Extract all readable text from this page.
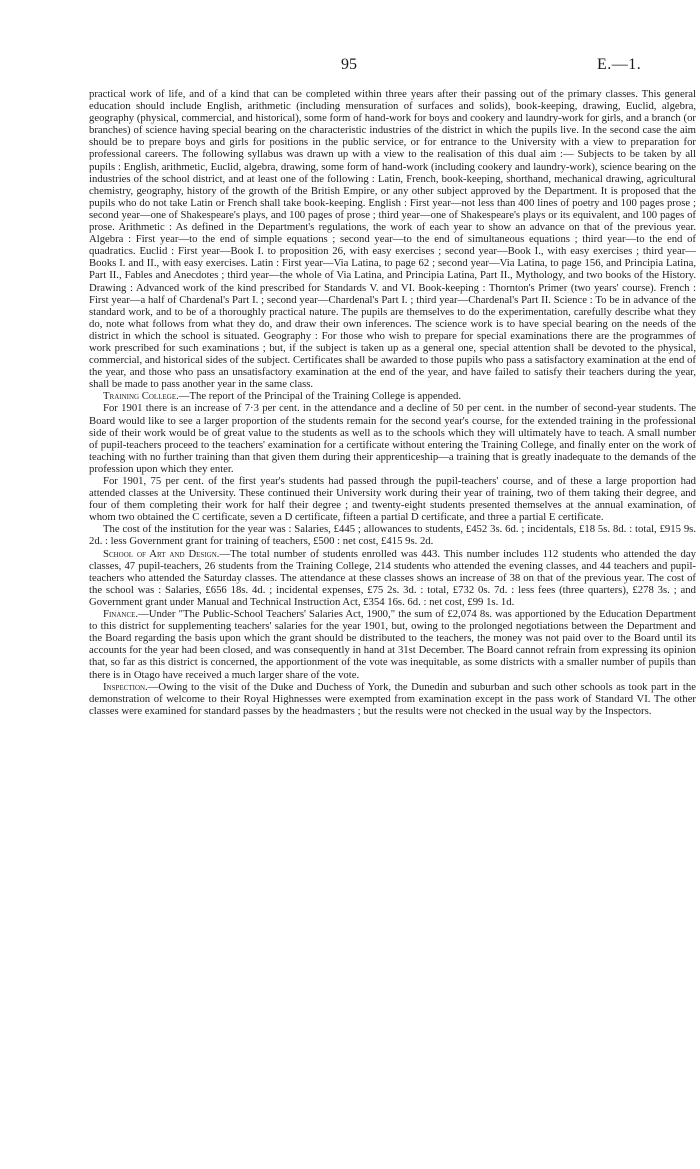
95	E.—1.

practical work of life, and of a kind that can be completed within three years after their passing out of the primary classes. This general education should include English, arithmetic (including mensuration of surfaces and solids), book-keeping, drawing, Euclid, algebra, geography (physical, commercial, and historical), some form of hand-work for boys and cookery and laundry-work for girls, and a branch (or branches) of science having special bearing on the characteristic industries of the district in which the pupils live. In the second case the aim should be to prepare boys and girls for positions in the public service, or for entrance to the University with a view to preparation for professional careers. The following syllabus was drawn up with a view to the realisation of this dual aim :— Subjects to be taken by all pupils : English, arithmetic, Euclid, algebra, drawing, some form of hand-work (including cookery and laundry-work), science bearing on the industries of the school district, and at least one of the following : Latin, French, book-keeping, shorthand, mechanical drawing, agricultural chemistry, geography, history of the growth of the British Empire, or any other subject approved by the Department. It is proposed that the pupils who do not take Latin or French shall take book-keeping. English : First year—not less than 400 lines of poetry and 100 pages prose ; second year—one of Shakespeare's plays, and 100 pages of prose ; third year—one of Shakespeare's plays or its equivalent, and 100 pages of prose. Arithmetic : As defined in the Department's regulations, the work of each year to show an advance on that of the previous year. Algebra : First year—to the end of simple equations ; second year—to the end of simultaneous equations ; third year—to the end of quadratics. Euclid : First year—Book I. to proposition 26, with easy exercises ; second year—Book I., with easy exercises ; third year—Books I. and II., with easy exercises. Latin : First year—Via Latina, to page 62 ; second year—Via Latina, to page 156, and Principia Latina, Part II., Fables and Anecdotes ; third year—the whole of Via Latina, and Principia Latina, Part II., Mythology, and two books of the History. Drawing : Advanced work of the kind prescribed for Standards V. and VI. Book-keeping : Thornton's Primer (two years' course). French : First year—a half of Chardenal's Part I. ; second year—Chardenal's Part I. ; third year—Chardenal's Part II. Science : To be in advance of the standard work, and to be of a thoroughly practical nature. The pupils are themselves to do the experimentation, carefully describe what they do, note what follows from what they do, and draw their own inferences. The science work is to have special bearing on the needs of the district in which the school is situated. Geography : For those who wish to prepare for special examinations there are the programmes of work prescribed for such examinations ; but, if the subject is taken up as a general one, special attention shall be devoted to the physical, commercial, and historical sides of the subject. Certificates shall be awarded to those pupils who pass a satisfactory examination at the end of the year, and those who pass an unsatisfactory examination at the end of the year, and have failed to satisfy their teachers during the year, shall be made to pass another year in the same class.

Training College.—The report of the Principal of the Training College is appended.

For 1901 there is an increase of 7·3 per cent. in the attendance and a decline of 50 per cent. in the number of second-year students. The Board would like to see a larger proportion of the students remain for the second year's course, for the extended training in the professional side of their work would be of great value to the students as well as to the schools which they will ultimately have to teach. A small number of pupil-teachers proceed to the teachers' examination for a certificate without entering the Training College, and finally enter on the work of teaching with no further training than that given them during their apprenticeship—a training that is greatly inadequate to the demands of the profession upon which they enter.

For 1901, 75 per cent. of the first year's students had passed through the pupil-teachers' course, and of these a large proportion had attended classes at the University. These continued their University work during their year of training, two of them taking their degree, and four of them completing their work for half their degree ; and twenty-eight students presented themselves at the annual examination, of whom two obtained the C certificate, seven a D certificate, fifteen a partial D certificate, and three a partial E certificate.

The cost of the institution for the year was : Salaries, £445 ; allowances to students, £452 3s. 6d. ; incidentals, £18 5s. 8d. : total, £915 9s. 2d. : less Government grant for training of teachers, £500 : net cost, £415 9s. 2d.

School of Art and Design.—The total number of students enrolled was 443. This number includes 112 students who attended the day classes, 47 pupil-teachers, 26 students from the Training College, 214 students who attended the evening classes, and 44 teachers and pupil-teachers who attended the Saturday classes. The attendance at these classes shows an increase of 38 on that of the previous year. The cost of the school was : Salaries, £656 18s. 4d. ; incidental expenses, £75 2s. 3d. : total, £732 0s. 7d. : less fees (three quarters), £278 3s. ; and Government grant under Manual and Technical Instruction Act, £354 16s. 6d. : net cost, £99 1s. 1d.

Finance.—Under "The Public-School Teachers' Salaries Act, 1900," the sum of £2,074 8s. was apportioned by the Education Department to this district for supplementing teachers' salaries for the year 1901, but, owing to the prolonged negotiations between the Department and the Board regarding the basis upon which the grant should be distributed to the teachers, the money was not paid over to the Board until its accounts for the year had been closed, and was consequently in hand at 31st December. The Board cannot refrain from expressing its opinion that, so far as this district is concerned, the apportionment of the vote was inequitable, as some districts with a smaller number of pupils than there is in Otago have received a much larger share of the vote.

Inspection.—Owing to the visit of the Duke and Duchess of York, the Dunedin and suburban and such other schools as took part in the demonstration of welcome to their Royal Highnesses were exempted from examination except in the pass work of Standard VI. The other classes were examined for standard passes by the headmasters ; but the results were not checked in the usual way by the Inspectors.
